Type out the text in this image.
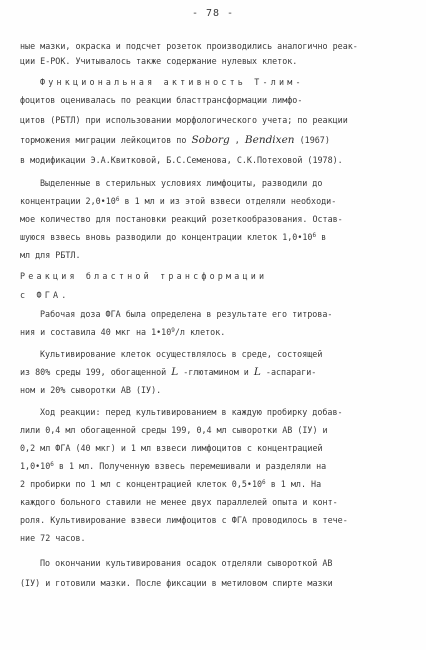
- 78 -
ные мазки, окраска и подсчет розеток производились аналогично реак-
ции Е-РОК. Учитывалось также содержание нулевых клеток.
Функциональная активность Т-лим-
фоцитов оценивалась по реакции бласттрансформации лимфо-
цитов (РБТЛ) при использовании морфологического учета; по реакции
торможения миграции лейкоцитов по Soborg , Bendixen (1967)
в модификации Э.А.Квитковой, Б.С.Семенова, С.К.Потеховой (1978).
Выделенные в стерильных условиях лимфоциты, разводили до
концентрации $2,0•10^6$ в 1 мл и из этой взвеси отделяли необходи-
мое количество для постановки реакций розеткообразования. Остав-
шуюся взвесь вновь разводили до концентрации клеток $1,0•10^6$ в
мл для РБТЛ.
Реакция бластной трансформации
с ФГА.
Рабочая доза ФГА была определена в результате его титрова-
ния и составила 40 мкг на $1•10^9/л$ клеток.
Культивирование клеток осуществлялось в среде, состоящей
из 80% среды 199, обогащенной L -глютамином и L -аспараги-
ном и 20% сыворотки АВ (IУ).
Ход реакции: перед культивированием в каждую пробирку добав-
лили 0,4 мл обогащенной среды 199, 0,4 мл сыворотки АВ (IУ) и
0,2 мл ФГА (40 мкг) и 1 мл взвеси лимфоцитов с концентрацией
$1,0•10^6$ в 1 мл. Полученную взвесь перемешивали и разделяли на
2 пробирки по 1 мл с концентрацией клеток $0,5•10^6$ в 1 мл. На
каждого больного ставили не менее двух параллелей опыта и конт-
роля. Культивирование взвеси лимфоцитов с ФГА проводилось в тече-
ние 72 часов.
По окончании культивирования осадок отделяли сывороткой АВ
(IУ) и готовили мазки. После фиксации в метиловом спирте мазки
